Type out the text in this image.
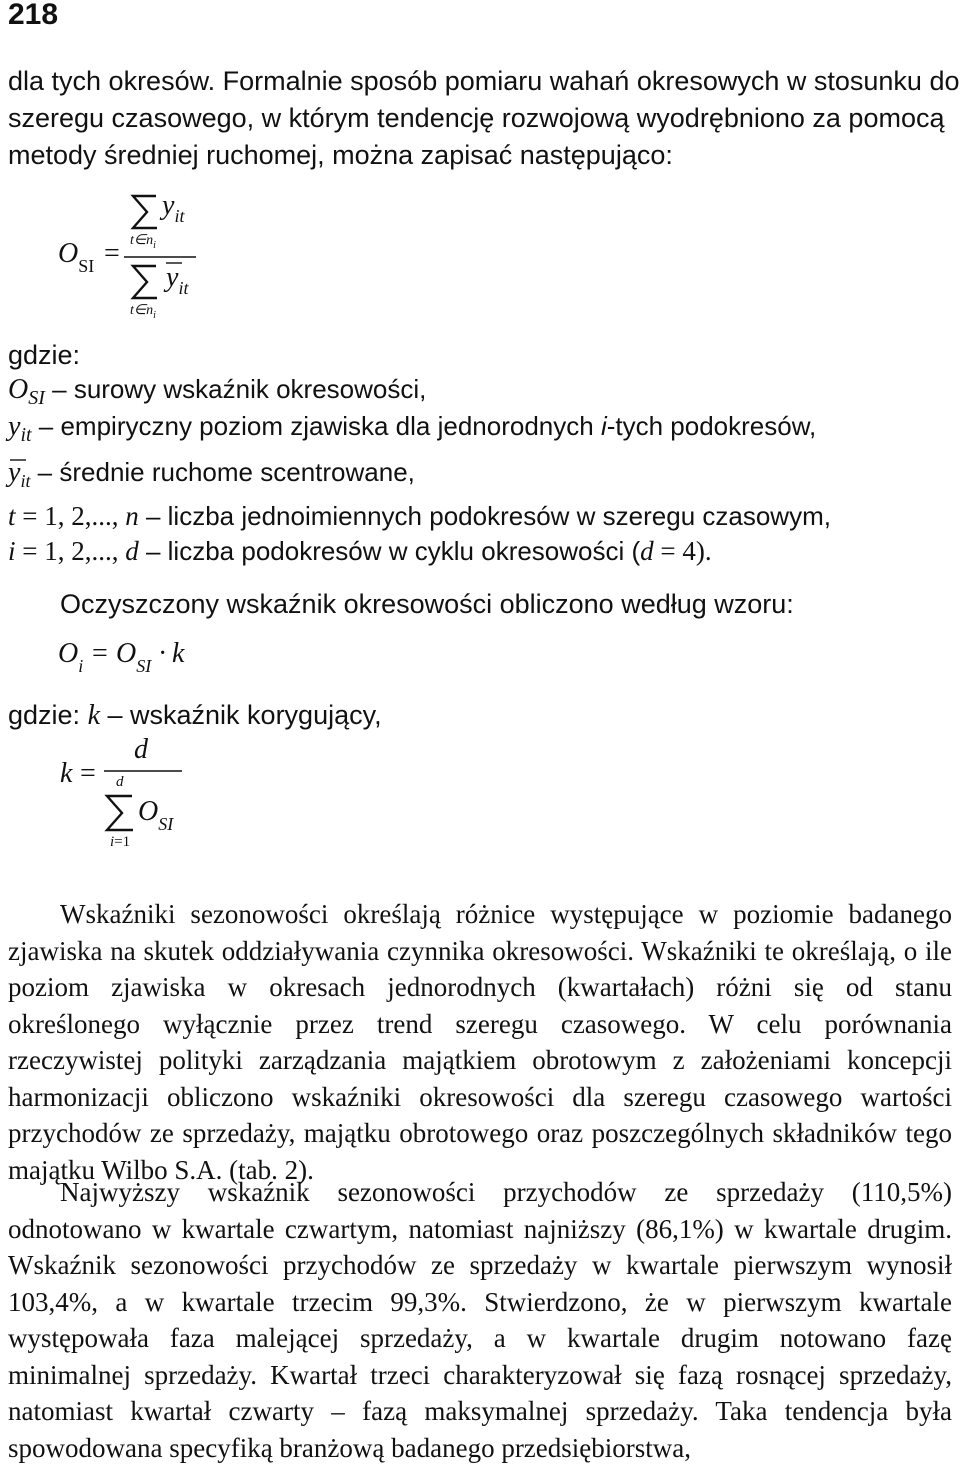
218
dla tych okresów. Formalnie sposób pomiaru wahań okresowych w stosunku do
szeregu czasowego, w którym tendencję rozwojową wyodrębniono za pomocą
metody średniej ruchomej, można zapisać następująco:
$O_{SI}$ =
$y_{it}$
$t\in n_i$
$y_{it}$
$t\in n_i$
gdzie:
$O_{SI}$ – surowy wskaźnik okresowości,
$y_{it}$ – empiryczny poziom zjawiska dla jednorodnych i-tych podokresów,
$y_{it}$ – średnie ruchome scentrowane,
t = 1, 2,..., n – liczba jednoimiennych podokresów w szeregu czasowym,
i = 1, 2,..., d – liczba podokresów w cyklu okresowości (d = 4).
Oczyszczony wskaźnik okresowości obliczono według wzoru:
$O_i = O_{SI} \cdot k$
gdzie: k – wskaźnik korygujący,
k =
d
d
$O_{SI}$
i=1
Wskaźniki sezonowości określają różnice występujące w poziomie badanego zjawiska na skutek oddziaływania czynnika okresowości. Wskaźniki te określają, o ile poziom zjawiska w okresach jednorodnych (kwartałach) różni się od stanu określonego wyłącznie przez trend szeregu czasowego. W celu porównania rzeczywistej polityki zarządzania majątkiem obrotowym z założeniami koncepcji harmonizacji obliczono wskaźniki okresowości dla szeregu czasowego wartości przychodów ze sprzedaży, majątku obrotowego oraz poszczególnych składników tego majątku Wilbo S.A. (tab. 2).
Najwyższy wskaźnik sezonowości przychodów ze sprzedaży (110,5%) odnotowano w kwartale czwartym, natomiast najniższy (86,1%) w kwartale drugim. Wskaźnik sezonowości przychodów ze sprzedaży w kwartale pierwszym wynosił 103,4%, a w kwartale trzecim 99,3%. Stwierdzono, że w pierwszym kwartale występowała faza malejącej sprzedaży, a w kwartale drugim notowano fazę minimalnej sprzedaży. Kwartał trzeci charakteryzował się fazą rosnącej sprzedaży, natomiast kwartał czwarty – fazą maksymalnej sprzedaży. Taka tendencja była spowodowana specyfiką branżową badanego przedsiębiorstwa,
